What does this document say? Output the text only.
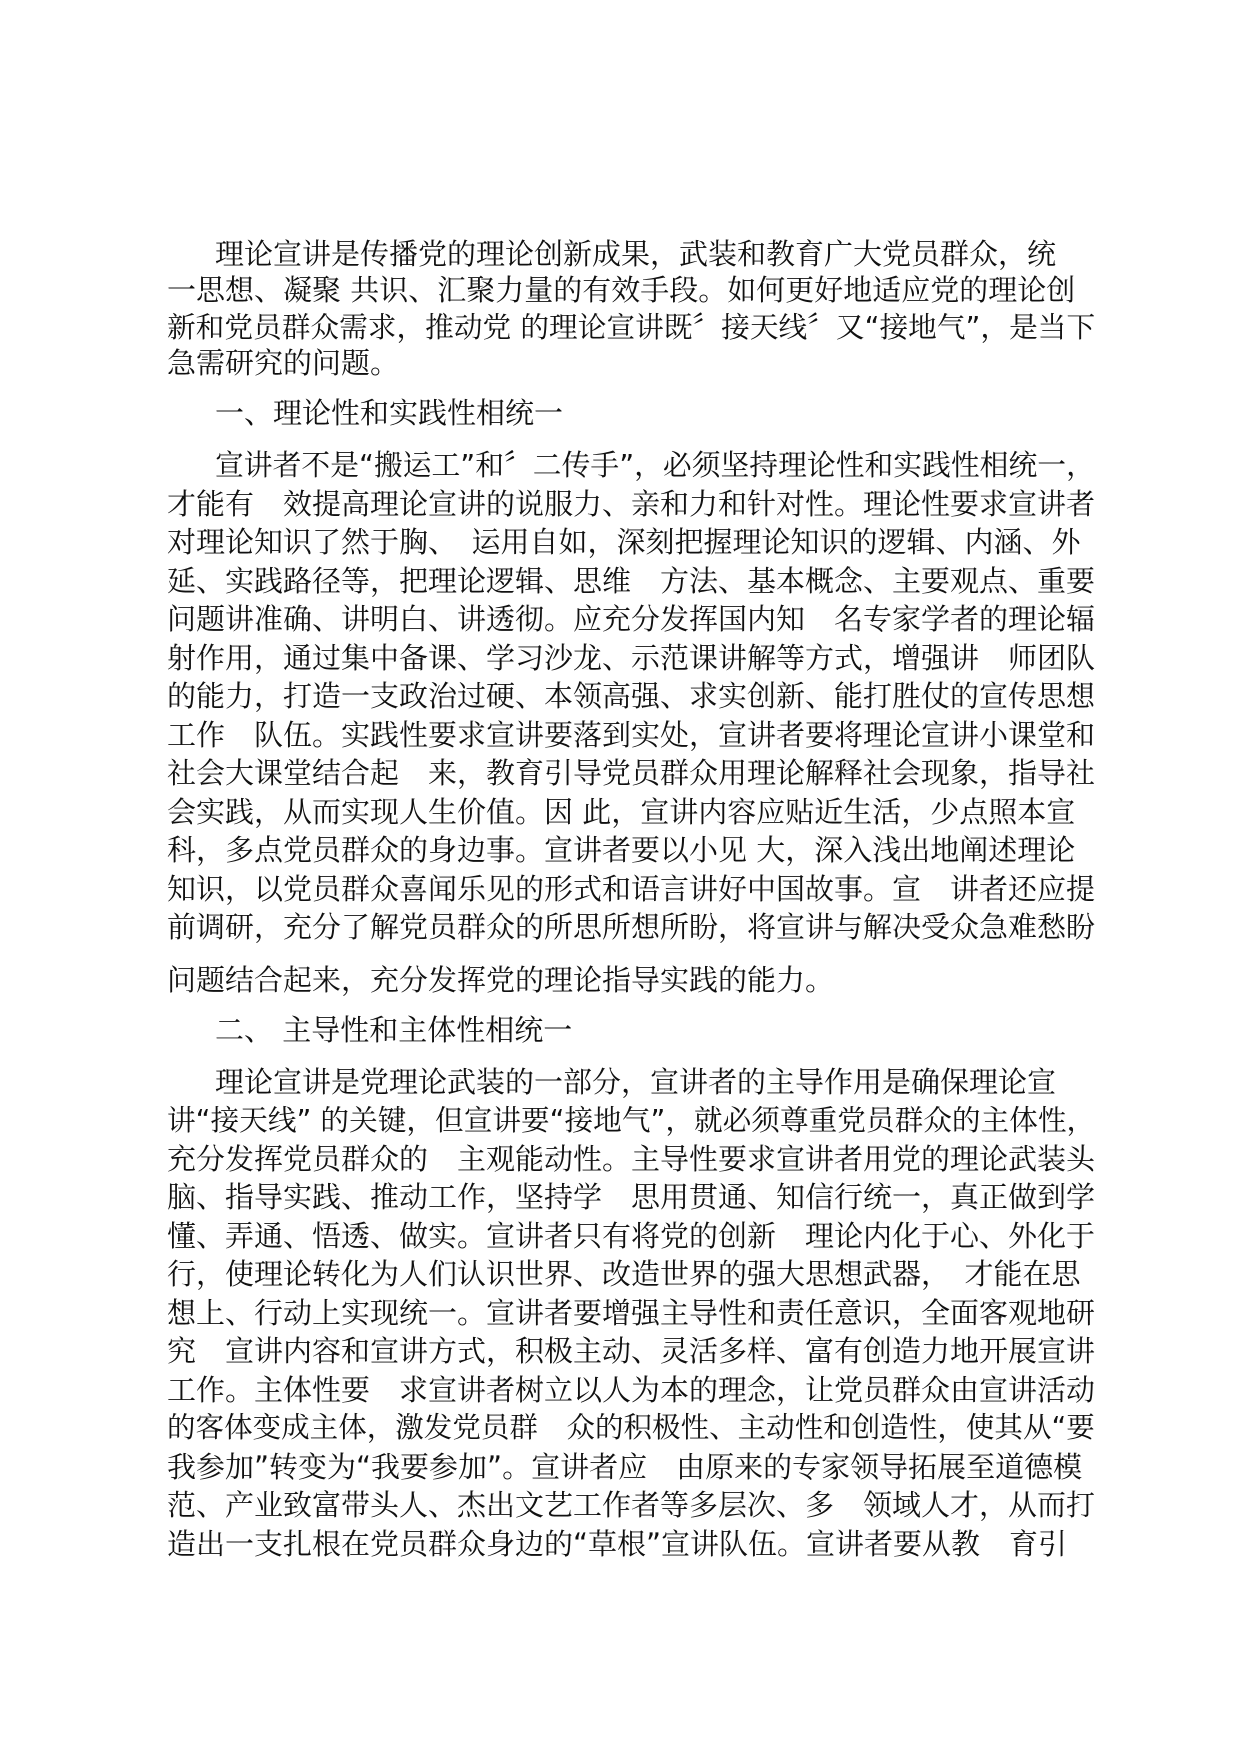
理论宣讲是传播党的理论创新成果，武装和教育广大党员群众，统

一思想、凝聚 共识、汇聚力量的有效手段。如何更好地适应党的理论创

新和党员群众需求，推动党 的理论宣讲既〞接天线〞又“接地气”，是当下

急需研究的问题。

一、理论性和实践性相统一

宣讲者不是“搬运工”和〞二传手”，必须坚持理论性和实践性相统一，

才能有　效提高理论宣讲的说服力、亲和力和针对性。理论性要求宣讲者

对理论知识了然于胸、　运用自如，深刻把握理论知识的逻辑、内涵、外

延、实践路径等，把理论逻辑、思维　方法、基本概念、主要观点、重要

问题讲准确、讲明白、讲透彻。应充分发挥国内知　名专家学者的理论辐

射作用，通过集中备课、学习沙龙、示范课讲解等方式，增强讲　师团队

的能力，打造一支政治过硬、本领高强、求实创新、能打胜仗的宣传思想

工作　队伍。实践性要求宣讲要落到实处，宣讲者要将理论宣讲小课堂和

社会大课堂结合起　来，教育引导党员群众用理论解释社会现象，指导社

会实践，从而实现人生价值。因 此，宣讲内容应贴近生活，少点照本宣

科，多点党员群众的身边事。宣讲者要以小见 大，深入浅出地阐述理论

知识，以党员群众喜闻乐见的形式和语言讲好中国故事。宣　讲者还应提

前调研，充分了解党员群众的所思所想所盼，将宣讲与解决受众急难愁盼

问题结合起来，充分发挥党的理论指导实践的能力。

二、 主导性和主体性相统一

理论宣讲是党理论武装的一部分，宣讲者的主导作用是确保理论宣

讲“接天线” 的关键，但宣讲要“接地气”，就必须尊重党员群众的主体性，

充分发挥党员群众的　主观能动性。主导性要求宣讲者用党的理论武装头

脑、指导实践、推动工作，坚持学　思用贯通、知信行统一，真正做到学

懂、弄通、悟透、做实。宣讲者只有将党的创新　理论内化于心、外化于

行，使理论转化为人们认识世界、改造世界的强大思想武器，　才能在思

想上、行动上实现统一。宣讲者要增强主导性和责任意识，全面客观地研

究　宣讲内容和宣讲方式，积极主动、灵活多样、富有创造力地开展宣讲

工作。主体性要　求宣讲者树立以人为本的理念，让党员群众由宣讲活动

的客体变成主体，激发党员群　众的积极性、主动性和创造性，使其从“要

我参加”转变为“我要参加”。宣讲者应　由原来的专家领导拓展至道德模

范、产业致富带头人、杰出文艺工作者等多层次、多　领域人才，从而打

造出一支扎根在党员群众身边的“草根”宣讲队伍。宣讲者要从教　育引
